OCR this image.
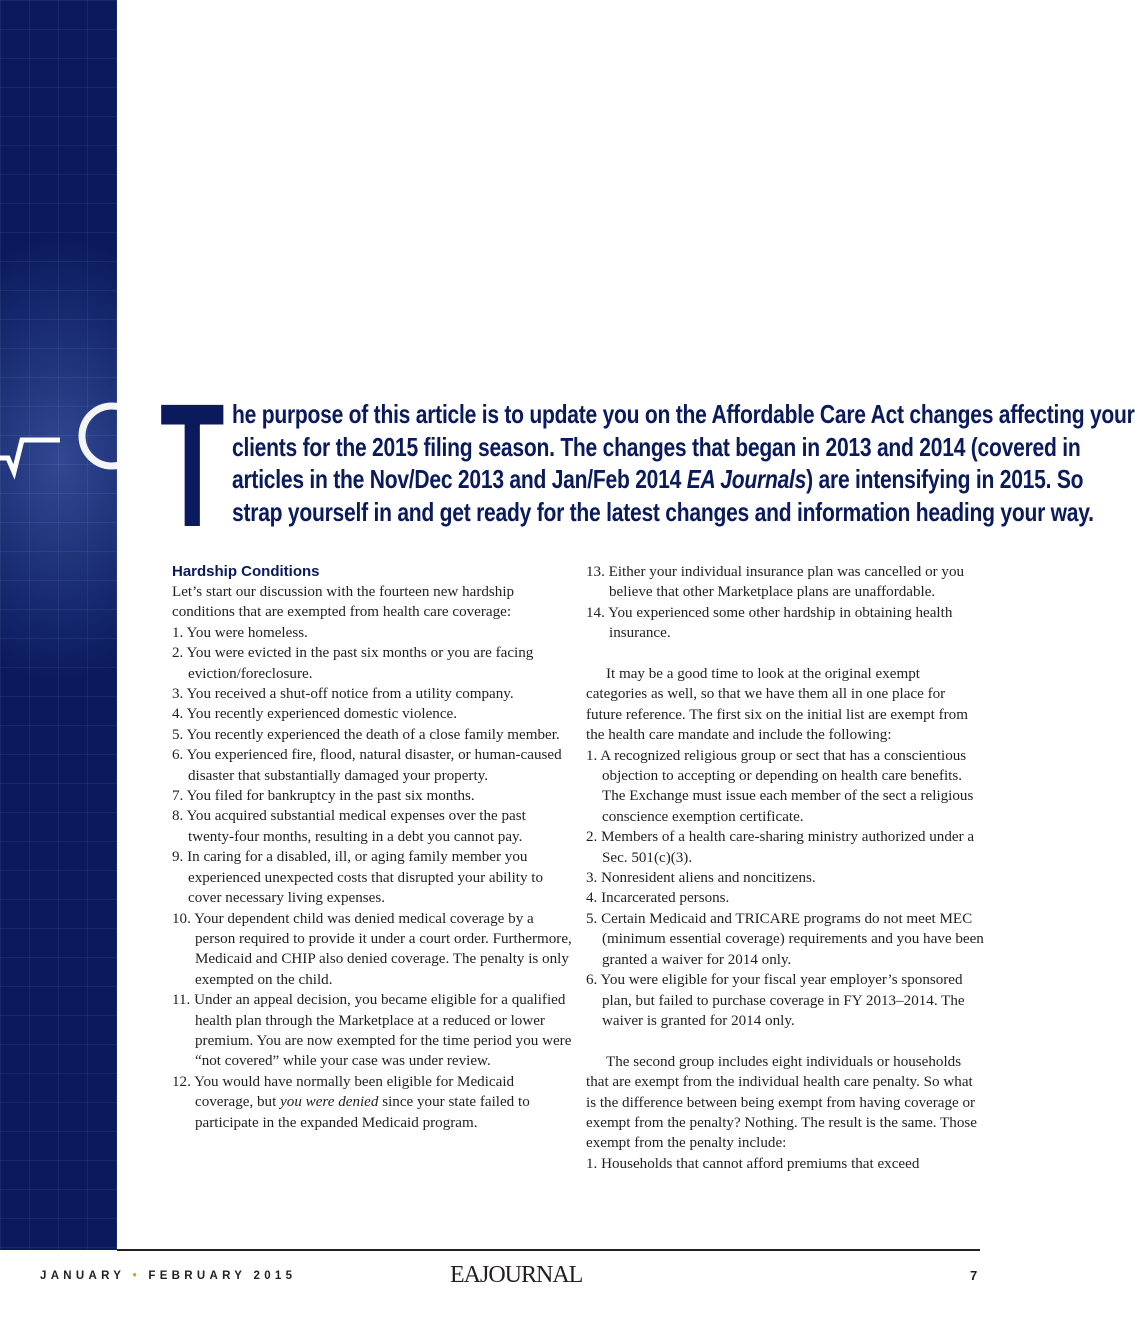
T he purpose of this article is to update you on the Affordable Care Act changes affecting your
clients for the 2015 filing season. The changes that began in 2013 and 2014 (covered in
articles in the Nov/Dec 2013 and Jan/Feb 2014 EA Journals) are intensifying in 2015. So
strap yourself in and get ready for the latest changes and information heading your way.
Hardship Conditions

Let’s start our discussion with the fourteen new hardship conditions that are exempted from health care coverage:

1. You were homeless.

2. You were evicted in the past six months or you are facing eviction/foreclosure.

3. You received a shut-off notice from a utility company.

4. You recently experienced domestic violence.

5. You recently experienced the death of a close family member.

6. You experienced fire, flood, natural disaster, or human-caused disaster that substantially damaged your property.

7. You filed for bankruptcy in the past six months.

8. You acquired substantial medical expenses over the past twenty-four months, resulting in a debt you cannot pay.

9. In caring for a disabled, ill, or aging family member you experienced unexpected costs that disrupted your ability to cover necessary living expenses.

10. Your dependent child was denied medical coverage by a person required to provide it under a court order. Furthermore, Medicaid and CHIP also denied coverage. The penalty is only exempted on the child.

11. Under an appeal decision, you became eligible for a qualified health plan through the Marketplace at a reduced or lower premium. You are now exempted for the time period you were “not covered” while your case was under review.

12. You would have normally been eligible for Medicaid coverage, but you were denied since your state failed to participate in the expanded Medicaid program.

13. Either your individual insurance plan was cancelled or you believe that other Marketplace plans are unaffordable.

14. You experienced some other hardship in obtaining health insurance.

It may be a good time to look at the original exempt categories as well, so that we have them all in one place for future reference. The first six on the initial list are exempt from the health care mandate and include the following:

1. A recognized religious group or sect that has a conscientious objection to accepting or depending on health care benefits. The Exchange must issue each member of the sect a religious conscience exemption certificate.

2. Members of a health care-sharing ministry authorized under a Sec. 501(c)(3).

3. Nonresident aliens and noncitizens.

4. Incarcerated persons.

5. Certain Medicaid and TRICARE programs do not meet MEC (minimum essential coverage) requirements and you have been granted a waiver for 2014 only.

6. You were eligible for your fiscal year employer’s sponsored plan, but failed to purchase coverage in FY 2013–2014. The waiver is granted for 2014 only.

The second group includes eight individuals or households that are exempt from the individual health care penalty. So what is the difference between being exempt from having coverage or exempt from the penalty? Nothing. The result is the same. Those exempt from the penalty include:

1. Households that cannot afford premiums that exceed

JANUARY • FEBRUARY 2015	EAJOURNAL	7
